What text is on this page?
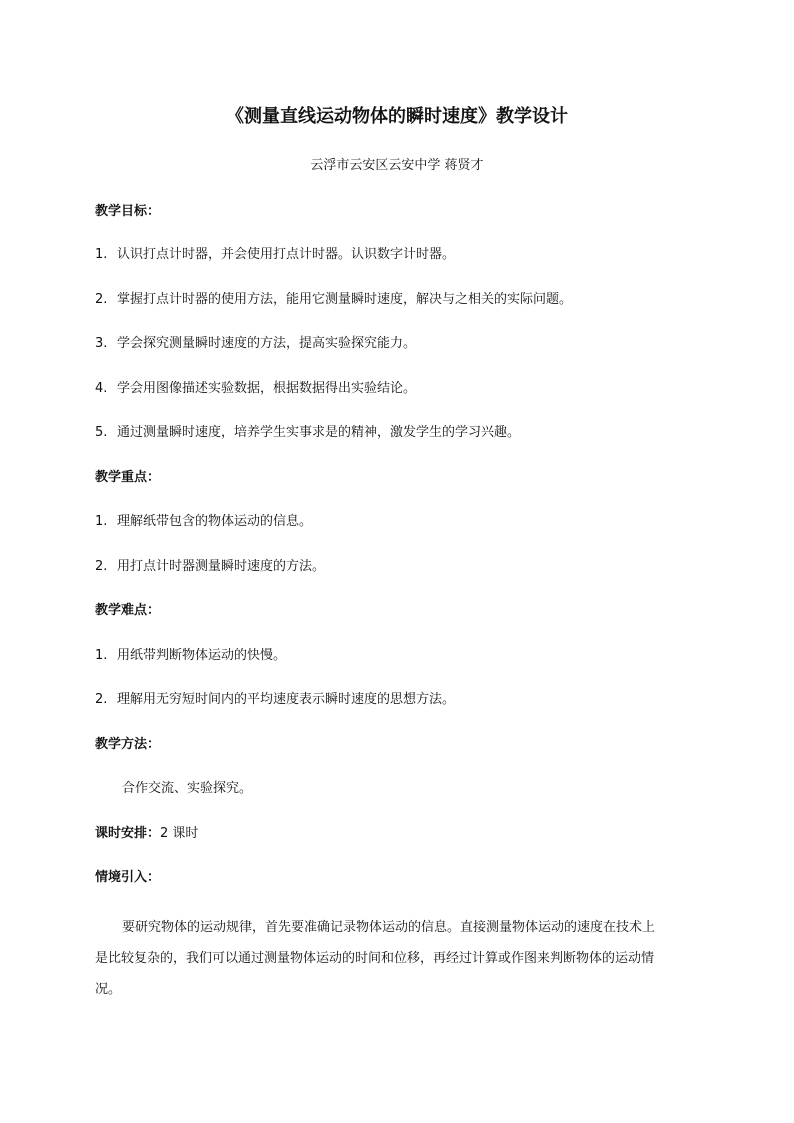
《测量直线运动物体的瞬时速度》教学设计
云浮市云安区云安中学 蒋贤才
教学目标：
1. 认识打点计时器，并会使用打点计时器。认识数字计时器。
2. 掌握打点计时器的使用方法，能用它测量瞬时速度，解决与之相关的实际问题。
3. 学会探究测量瞬时速度的方法，提高实验探究能力。
4. 学会用图像描述实验数据，根据数据得出实验结论。
5. 通过测量瞬时速度，培养学生实事求是的精神，激发学生的学习兴趣。
教学重点：
1. 理解纸带包含的物体运动的信息。
2. 用打点计时器测量瞬时速度的方法。
教学难点：
1. 用纸带判断物体运动的快慢。
2. 理解用无穷短时间内的平均速度表示瞬时速度的思想方法。
教学方法：
合作交流、实验探究。
课时安排：2 课时
情境引入：
要研究物体的运动规律，首先要准确记录物体运动的信息。直接测量物体运动的速度在技术上
是比较复杂的，我们可以通过测量物体运动的时间和位移，再经过计算或作图来判断物体的运动情
况。
